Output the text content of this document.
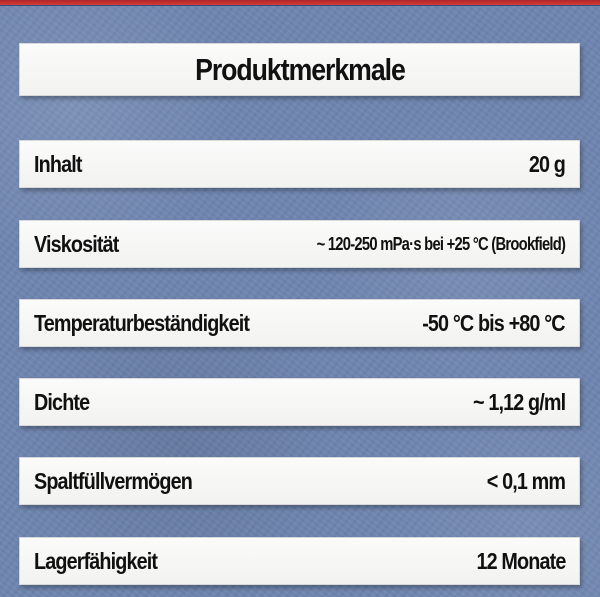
Produktmerkmale
Inhalt	20 g
Viskosität	~ 120-250 mPa·s bei +25 °C (Brookfield)
Temperaturbeständigkeit	-50 °C bis +80 °C
Dichte	~ 1,12 g/ml
Spaltfüllvermögen	< 0,1 mm
Lagerfähigkeit	12 Monate
